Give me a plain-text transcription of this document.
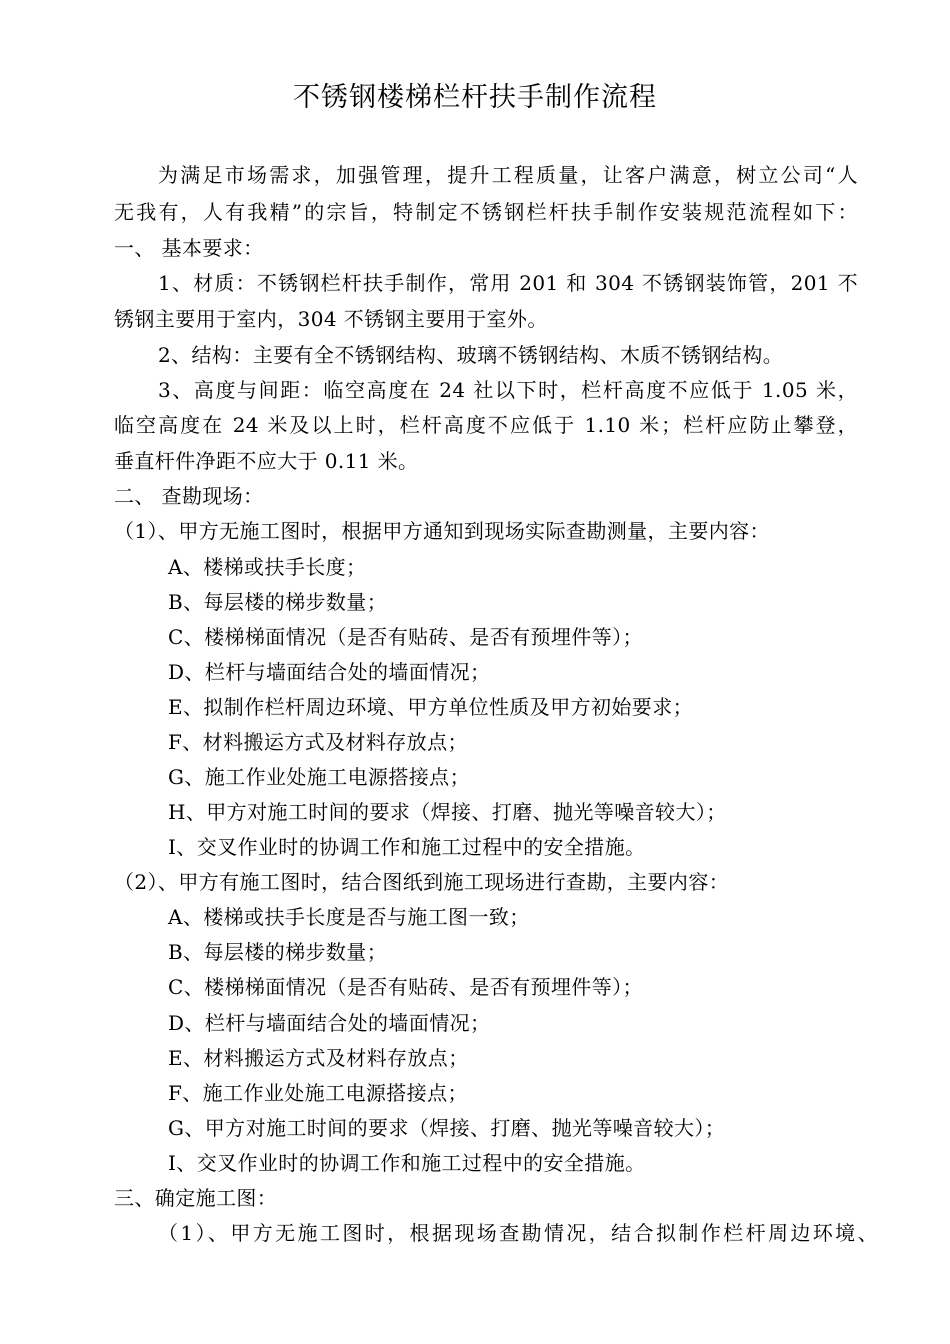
不锈钢楼梯栏杆扶手制作流程
为满足市场需求，加强管理，提升工程质量，让客户满意，树立公司“人
无我有，人有我精”的宗旨，特制定不锈钢栏杆扶手制作安装规范流程如下：
一、 基本要求：
1、材质：不锈钢栏杆扶手制作，常用 201 和 304 不锈钢装饰管，201 不
锈钢主要用于室内，304 不锈钢主要用于室外。
2、结构：主要有全不锈钢结构、玻璃不锈钢结构、木质不锈钢结构。
3、高度与间距：临空高度在 24 社以下时，栏杆高度不应低于 1.05 米，
临空高度在 24 米及以上时，栏杆高度不应低于 1.10 米；栏杆应防止攀登，
垂直杆件净距不应大于 0.11 米。
二、 查勘现场：
（1）、甲方无施工图时，根据甲方通知到现场实际查勘测量，主要内容：
A、楼梯或扶手长度；
B、每层楼的梯步数量；
C、楼梯梯面情况（是否有贴砖、是否有预埋件等）；
D、栏杆与墙面结合处的墙面情况；
E、拟制作栏杆周边环境、甲方单位性质及甲方初始要求；
F、材料搬运方式及材料存放点；
G、施工作业处施工电源搭接点；
H、甲方对施工时间的要求（焊接、打磨、抛光等噪音较大）；
I、交叉作业时的协调工作和施工过程中的安全措施。
（2）、甲方有施工图时，结合图纸到施工现场进行查勘，主要内容：
A、楼梯或扶手长度是否与施工图一致；
B、每层楼的梯步数量；
C、楼梯梯面情况（是否有贴砖、是否有预埋件等）；
D、栏杆与墙面结合处的墙面情况；
E、材料搬运方式及材料存放点；
F、施工作业处施工电源搭接点；
G、甲方对施工时间的要求（焊接、打磨、抛光等噪音较大）；
I、交叉作业时的协调工作和施工过程中的安全措施。
三、确定施工图：
（1）、甲方无施工图时，根据现场查勘情况，结合拟制作栏杆周边环境、
